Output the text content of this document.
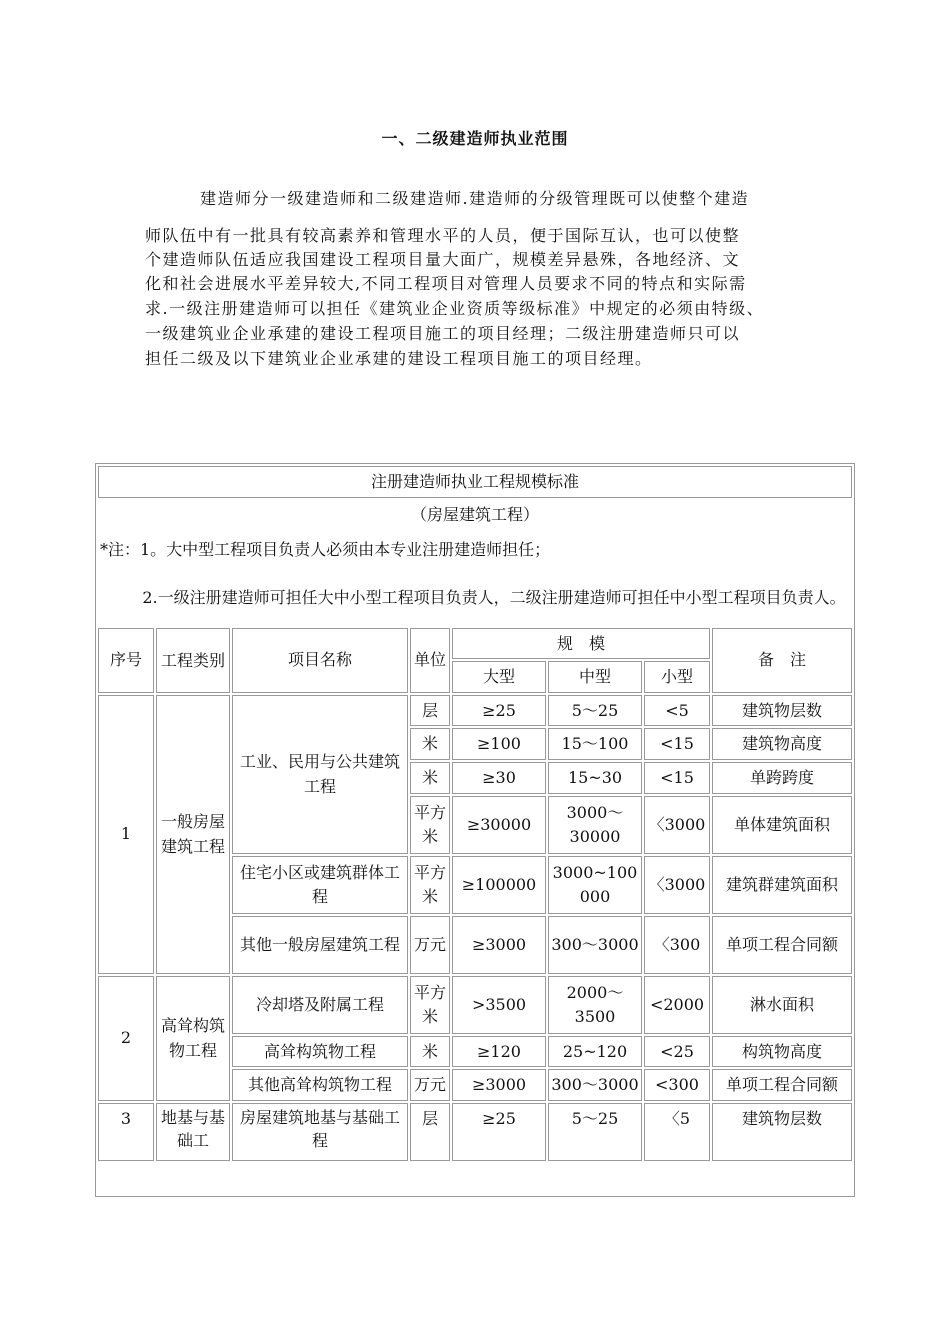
一、二级建造师执业范围
建造师分一级建造师和二级建造师.建造师的分级管理既可以使整个建造
师队伍中有一批具有较高素养和管理水平的人员，便于国际互认，也可以使整
个建造师队伍适应我国建设工程项目量大面广，规模差异悬殊，各地经济、文
化和社会进展水平差异较大,不同工程项目对管理人员要求不同的特点和实际需
求.一级注册建造师可以担任《建筑业企业资质等级标准》中规定的必须由特级、
一级建筑业企业承建的建设工程项目施工的项目经理；二级注册建造师只可以
担任二级及以下建筑业企业承建的建设工程项目施工的项目经理。
注册建造师执业工程规模标准							
（房屋建筑工程）							
*注：1。大中型工程项目负责人必须由本专业注册建造师担任；							
2.一级注册建造师可担任大中小型工程项目负责人，二级注册建造师可担任中小型工程项目负责人。							
序号	工程类别	项目名称	单位	规　模			备　注
				大型	中型	小型	
1	一般房屋建筑工程	工业、民用与公共建筑工程	层	≥25	5～25	<5	建筑物层数
			米	≥100	15～100	<15	建筑物高度
			米	≥30	15~30	<15	单跨跨度
			平方米	≥30000	3000～30000	〈3000	单体建筑面积
		住宅小区或建筑群体工程	平方米	≥100000	3000~100000	〈3000	建筑群建筑面积
		其他一般房屋建筑工程	万元	≥3000	300～3000	〈300	单项工程合同额
2	高耸构筑物工程	冷却塔及附属工程	平方米	>3500	2000～3500	<2000	淋水面积
		高耸构筑物工程	米	≥120	25~120	<25	构筑物高度
		其他高耸构筑物工程	万元	≥3000	300～3000	<300	单项工程合同额
3	地基与基础工	房屋建筑地基与基础工程	层	≥25	5～25	〈5	建筑物层数
